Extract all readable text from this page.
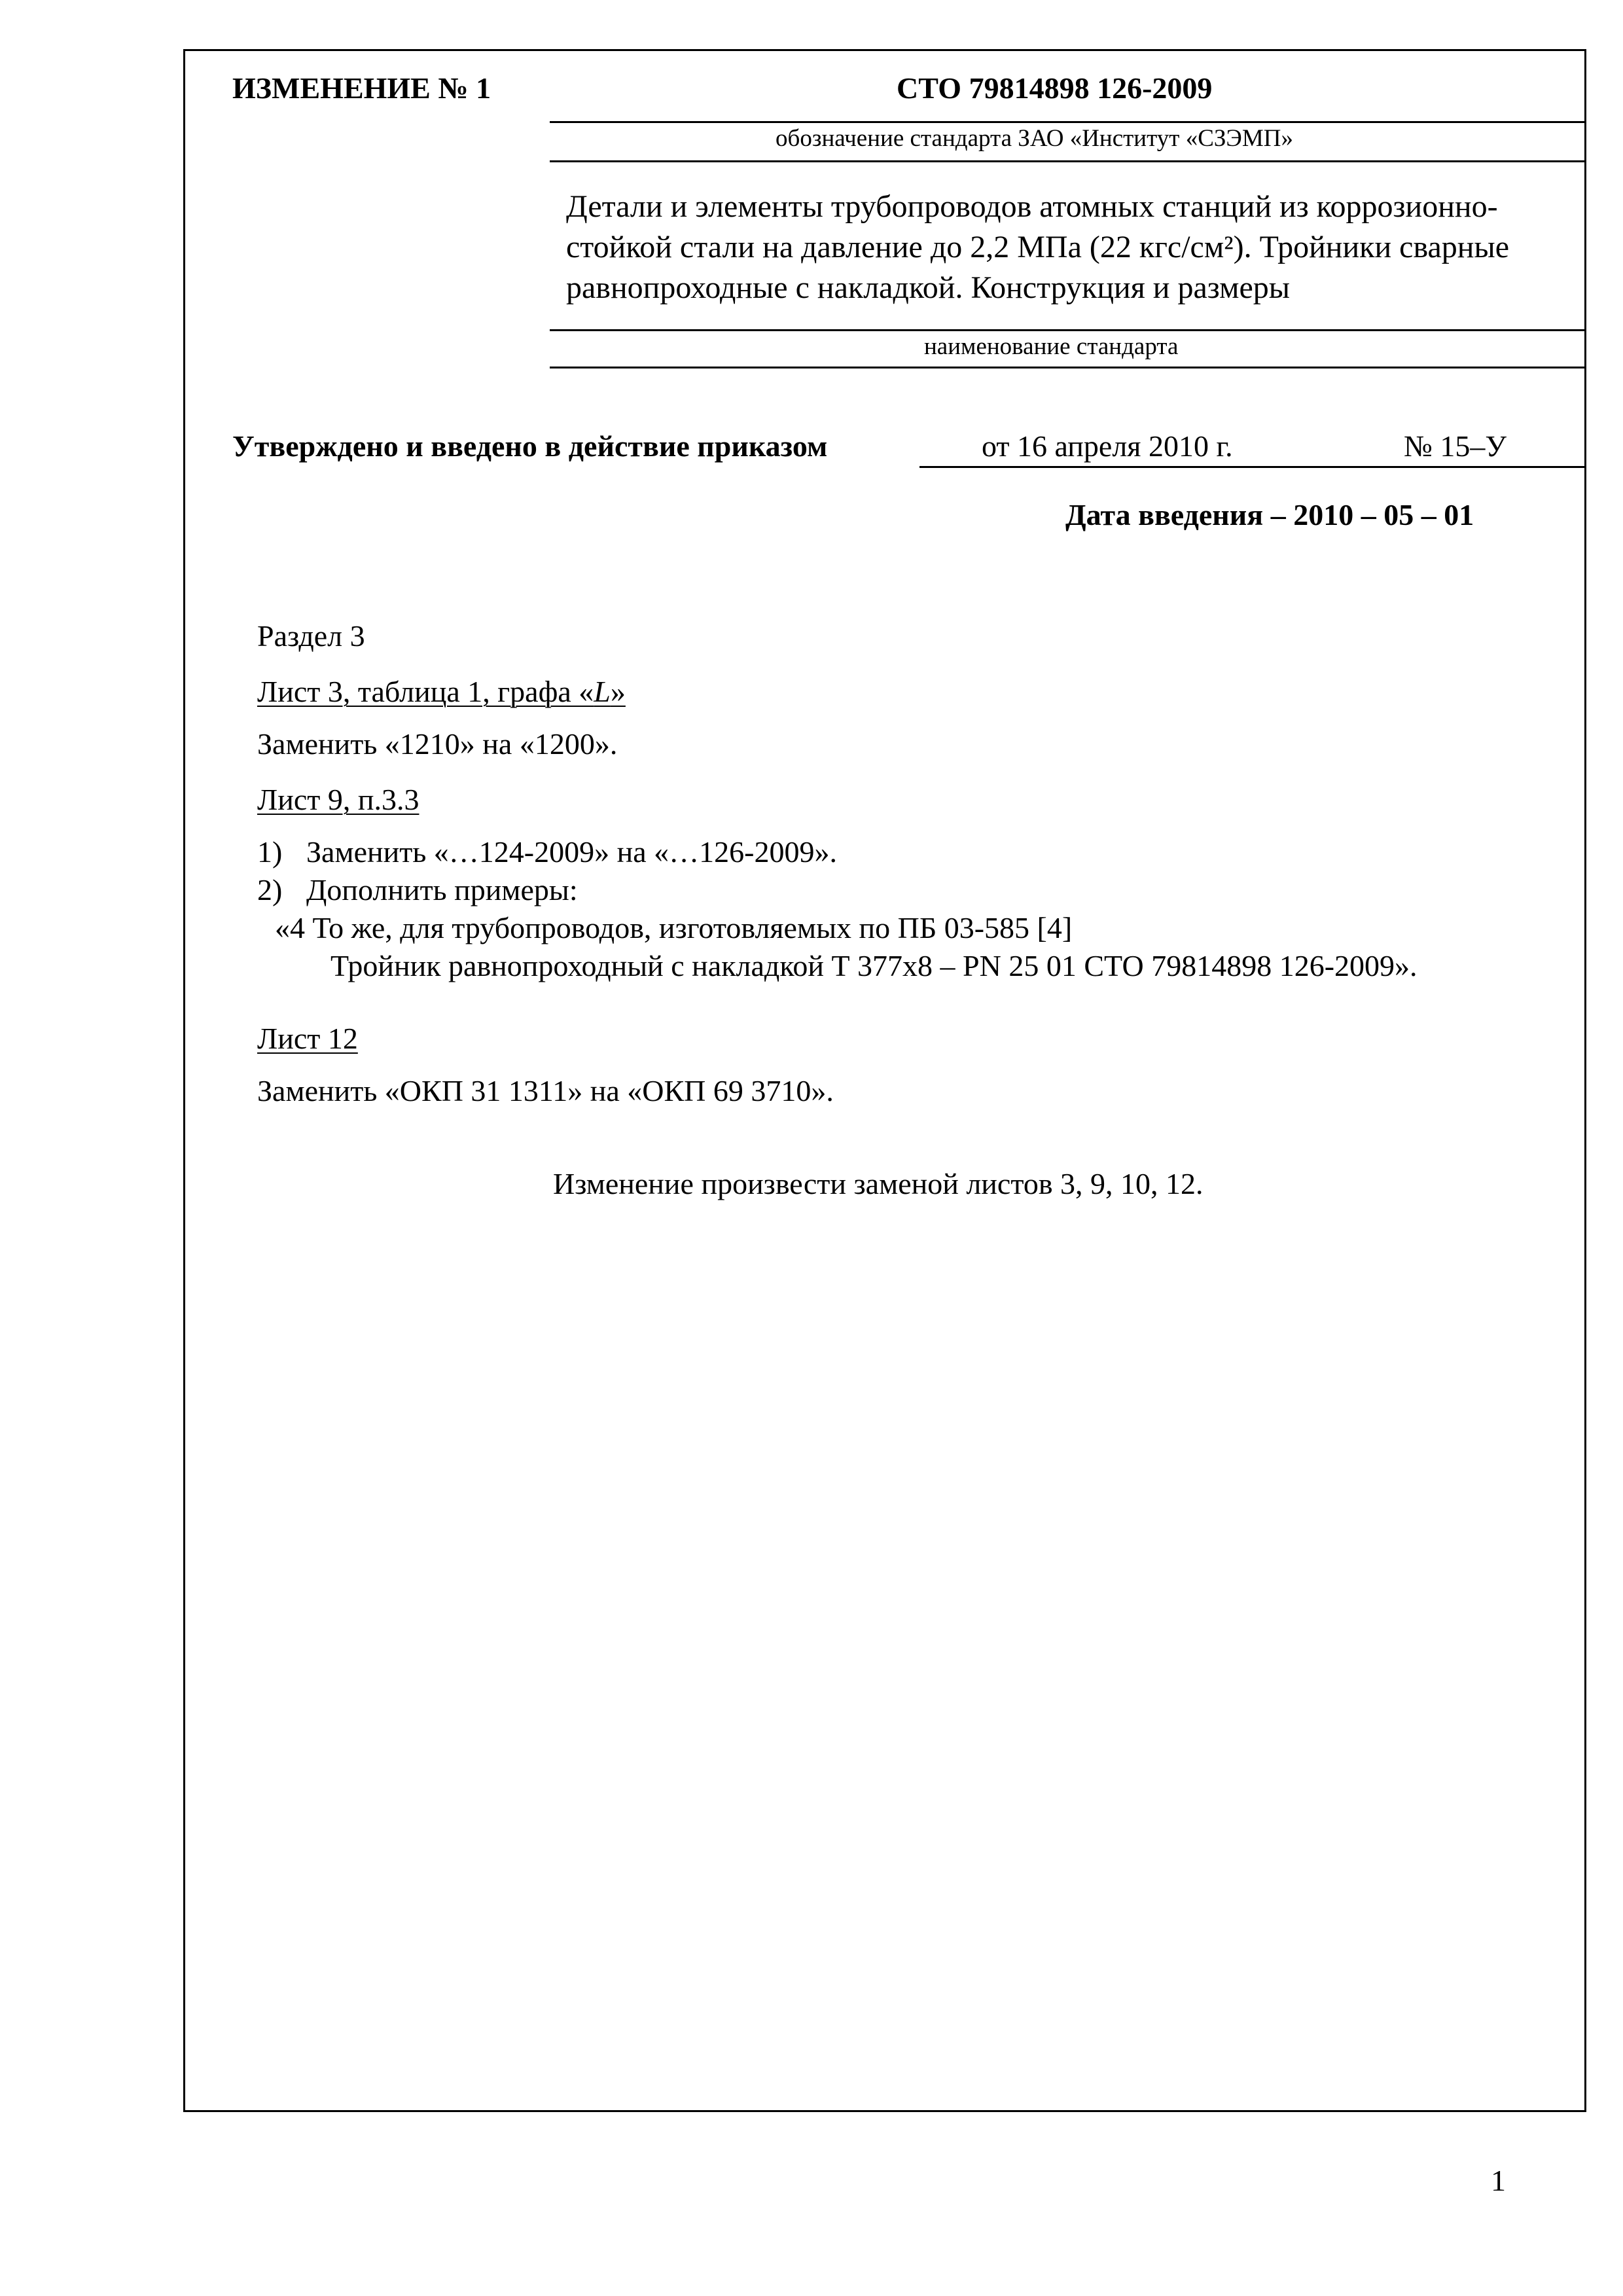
ИЗМЕНЕНИЕ № 1	СТО 79814898 126-2009
обозначение стандарта ЗАО «Институт «СЗЭМП»
Детали и элементы трубопроводов атомных станций из коррозионно-стойкой стали на давление до 2,2 МПа (22 кгс/см²). Тройники сварные равнопроходные с накладкой. Конструкция и размеры
наименование стандарта
Утверждено и введено в действие приказом	от 16 апреля 2010 г.	№ 15–У
Дата введения – 2010 – 05 – 01
Раздел 3
Лист 3, таблица 1, графа «L»
Заменить «1210» на «1200».
Лист 9, п.3.3
1) Заменить «…124-2009» на «…126-2009».
2) Дополнить примеры:
«4 То же, для трубопроводов, изготовляемых по ПБ 03-585 [4]
Тройник равнопроходный с накладкой Т 377х8 – PN 25 01 СТО 79814898 126-2009».
Лист 12
Заменить «ОКП 31 1311» на «ОКП 69 3710».
Изменение произвести заменой листов 3, 9, 10, 12.
1
